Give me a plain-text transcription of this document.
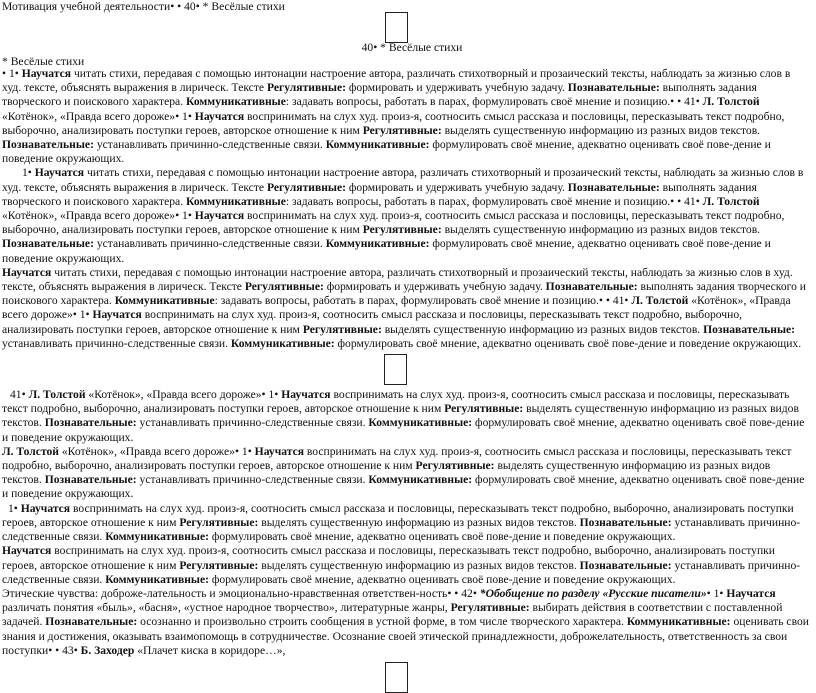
Мотивация учебной деятельности• • 40• * Весёлые стихи
40• * Весёлые стихи
* Весёлые стихи

• 1• Научатся читать стихи, передавая с помощью интонации настроение автора, различать стихотворный и прозаический тексты, наблюдать за жизнью слов в худ. тексте, объяснять выражения в лирическ. Тексте Регулятивные: формировать и удерживать учебную задачу. Познавательные: выполнять задания творческого и поискового характера. Коммуникативные: задавать вопросы, работать в парах, формулировать своё мнение и позицию.• • 41• Л. Толстой «Котёнок», «Правда всего дороже»• 1• Научатся воспринимать на слух худ. произ-я, соотносить смысл рассказа и пословицы, пересказывать текст подробно, выборочно, анализировать поступки героев, авторское отношение к ним Регулятивные: выделять существенную информацию из разных видов текстов. Познавательные: устанавливать причинно-следственные связи. Коммуникативные: формулировать своё мнение, адекватно оценивать своё пове-дение и поведение окружающих.

1• Научатся читать стихи, передавая с помощью интонации настроение автора, различать стихотворный и прозаический тексты, наблюдать за жизнью слов в худ. тексте, объяснять выражения в лирическ. Тексте Регулятивные: формировать и удерживать учебную задачу. Познавательные: выполнять задания творческого и поискового характера. Коммуникативные: задавать вопросы, работать в парах, формулировать своё мнение и позицию.• • 41• Л. Толстой «Котёнок», «Правда всего дороже»• 1• Научатся воспринимать на слух худ. произ-я, соотносить смысл рассказа и пословицы, пересказывать текст подробно, выборочно, анализировать поступки героев, авторское отношение к ним Регулятивные: выделять существенную информацию из разных видов текстов. Познавательные: устанавливать причинно-следственные связи. Коммуникативные: формулировать своё мнение, адекватно оценивать своё пове-дение и поведение окружающих.

Научатся читать стихи, передавая с помощью интонации настроение автора, различать стихотворный и прозаический тексты, наблюдать за жизнью слов в худ. тексте, объяснять выражения в лирическ. Тексте Регулятивные: формировать и удерживать учебную задачу. Познавательные: выполнять задания творческого и поискового характера. Коммуникативные: задавать вопросы, работать в парах, формулировать своё мнение и позицию.• • 41• Л. Толстой «Котёнок», «Правда всего дороже»• 1• Научатся воспринимать на слух худ. произ-я, соотносить смысл рассказа и пословицы, пересказывать текст подробно, выборочно, анализировать поступки героев, авторское отношение к ним Регулятивные: выделять существенную информацию из разных видов текстов. Познавательные: устанавливать причинно-следственные связи. Коммуникативные: формулировать своё мнение, адекватно оценивать своё пове-дение и поведение окружающих.

41• Л. Толстой «Котёнок», «Правда всего дороже»• 1• Научатся воспринимать на слух худ. произ-я, соотносить смысл рассказа и пословицы, пересказывать текст подробно, выборочно, анализировать поступки героев, авторское отношение к ним Регулятивные: выделять существенную информацию из разных видов текстов. Познавательные: устанавливать причинно-следственные связи. Коммуникативные: формулировать своё мнение, адекватно оценивать своё пове-дение и поведение окружающих.

Л. Толстой «Котёнок», «Правда всего дороже»• 1• Научатся воспринимать на слух худ. произ-я, соотносить смысл рассказа и пословицы, пересказывать текст подробно, выборочно, анализировать поступки героев, авторское отношение к ним Регулятивные: выделять существенную информацию из разных видов текстов. Познавательные: устанавливать причинно-следственные связи. Коммуникативные: формулировать своё мнение, адекватно оценивать своё пове-дение и поведение окружающих.

1• Научатся воспринимать на слух худ. произ-я, соотносить смысл рассказа и пословицы, пересказывать текст подробно, выборочно, анализировать поступки героев, авторское отношение к ним Регулятивные: выделять существенную информацию из разных видов текстов. Познавательные: устанавливать причинно-следственные связи. Коммуникативные: формулировать своё мнение, адекватно оценивать своё пове-дение и поведение окружающих.

Научатся воспринимать на слух худ. произ-я, соотносить смысл рассказа и пословицы, пересказывать текст подробно, выборочно, анализировать поступки героев, авторское отношение к ним Регулятивные: выделять существенную информацию из разных видов текстов. Познавательные: устанавливать причинно-следственные связи. Коммуникативные: формулировать своё мнение, адекватно оценивать своё пове-дение и поведение окружающих.

Этические чувства: доброже-лательность и эмоционально-нравственная ответствен-ность• • 42• *Обобщение по разделу «Русские писатели»• 1• Научатся различать понятия «быль», «басня», «устное народное творчество», литературные жанры, Регулятивные: выбирать действия в соответствии с поставленной задачей. Познавательные: осознанно и произвольно строить сообщения в устной форме, в том числе творческого характера. Коммуникативные: оценивать свои знания и достижения, оказывать взаимопомощь в сотрудничестве. Осознание своей этической принадлежности, доброжелательность, ответственность за свои поступки• • 43• Б. Заходер «Плачет киска в коридоре…»,
